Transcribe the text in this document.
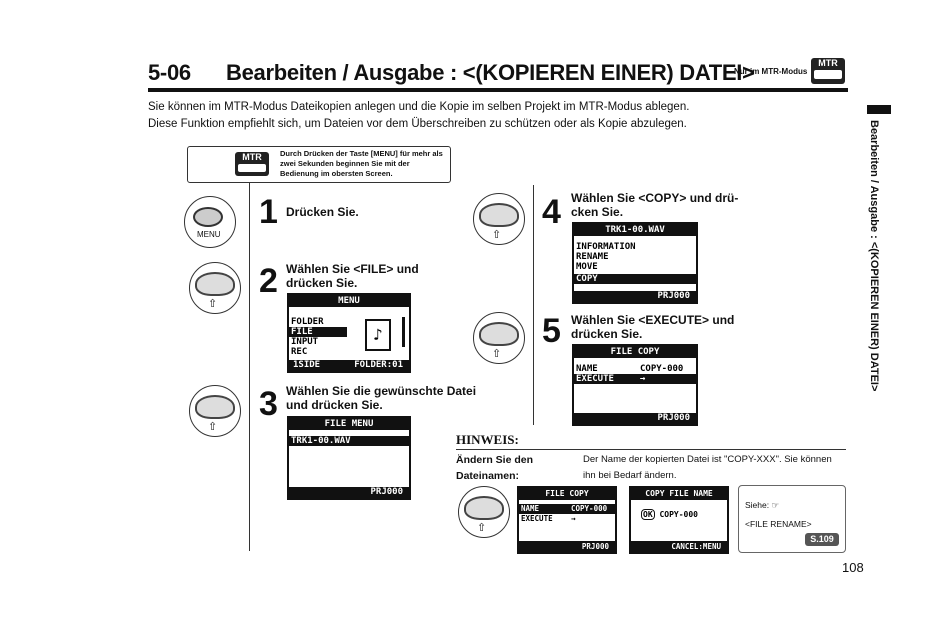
5-06 Bearbeiten / Ausgabe : <(KOPIEREN EINER) DATEI>
Nur im MTR-Modus
MTR
Sie können im MTR-Modus Dateikopien anlegen und die Kopie im selben Projekt im MTR-Modus ablegen.
Diese Funktion empfiehlt sich, um Dateien vor dem Überschreiben zu schützen oder als Kopie abzulegen.	Bearbeiten / Ausgabe : <(KOPIEREN EINER) DATEI>
MTR	Durch Drücken der Taste [MENU] für mehr als zwei Sekunden beginnen Sie mit der Bedienung im obersten Screen.
MENU
1 Drücken Sie.
⇧
2 Wählen Sie <FILE> und drücken Sie.
MENU
FOLDER
FILE
INPUT
REC
♪
1SIDE	FOLDER:01
⇧
3 Wählen Sie die gewünschte Datei und drücken Sie.
FILE MENU
TRK1-00.WAV
PRJ000
⇧
4 Wählen Sie <COPY> und drü-cken Sie.
TRK1-00.WAV
INFORMATION
RENAME
MOVE
COPY
PRJ000
⇧
5 Wählen Sie <EXECUTE> und drücken Sie.
FILE COPY
NAME	COPY-000
EXECUTE	→
PRJ000
HINWEIS:
Ändern Sie den
Dateinamen:
Der Name der kopierten Datei ist "COPY-XXX". Sie können
ihn bei Bedarf ändern.
⇧
FILE COPY
NAME	COPY-000
EXECUTE →
PRJ000
COPY FILE NAME
OK COPY-000
CANCEL:MENU
Siehe: ☞
<FILE RENAME>
S.109
108
